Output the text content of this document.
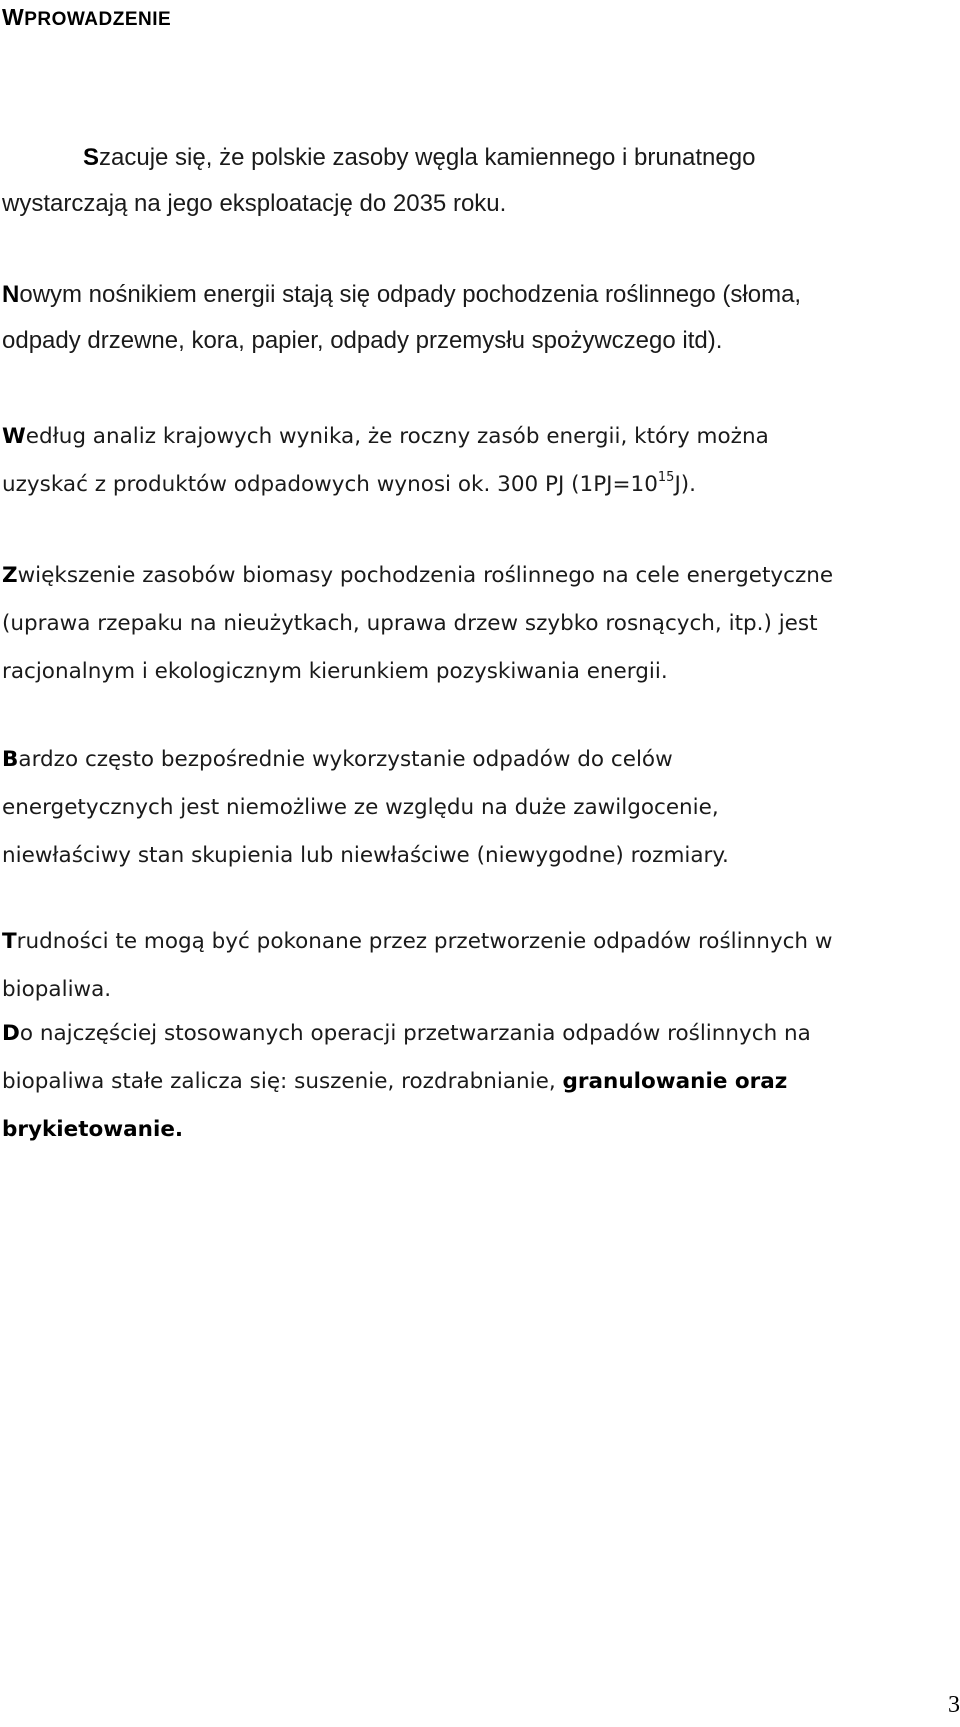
WPROWADZENIE

Szacuje się, że polskie zasoby węgla kamiennego i brunatnego
wystarczają na jego eksploatację do 2035 roku.

Nowym nośnikiem energii stają się odpady pochodzenia roślinnego (słoma,
odpady drzewne, kora, papier, odpady przemysłu spożywczego itd).

Według analiz krajowych wynika, że roczny zasób energii, który można
uzyskać z produktów odpadowych wynosi ok. 300 PJ $(1PJ=10^{15}J)$.

Zwiększenie zasobów biomasy pochodzenia roślinnego na cele energetyczne
(uprawa rzepaku na nieużytkach, uprawa drzew szybko rosnących, itp.) jest
racjonalnym i ekologicznym kierunkiem pozyskiwania energii.

Bardzo często bezpośrednie wykorzystanie odpadów do celów
energetycznych jest niemożliwe ze względu na duże zawilgocenie,
niewłaściwy stan skupienia lub niewłaściwe (niewygodne) rozmiary.

Trudności te mogą być pokonane przez przetworzenie odpadów roślinnych w
biopaliwa.

Do najczęściej stosowanych operacji przetwarzania odpadów roślinnych na
biopaliwa stałe zalicza się: suszenie, rozdrabnianie, granulowanie oraz
brykietowanie.

3
